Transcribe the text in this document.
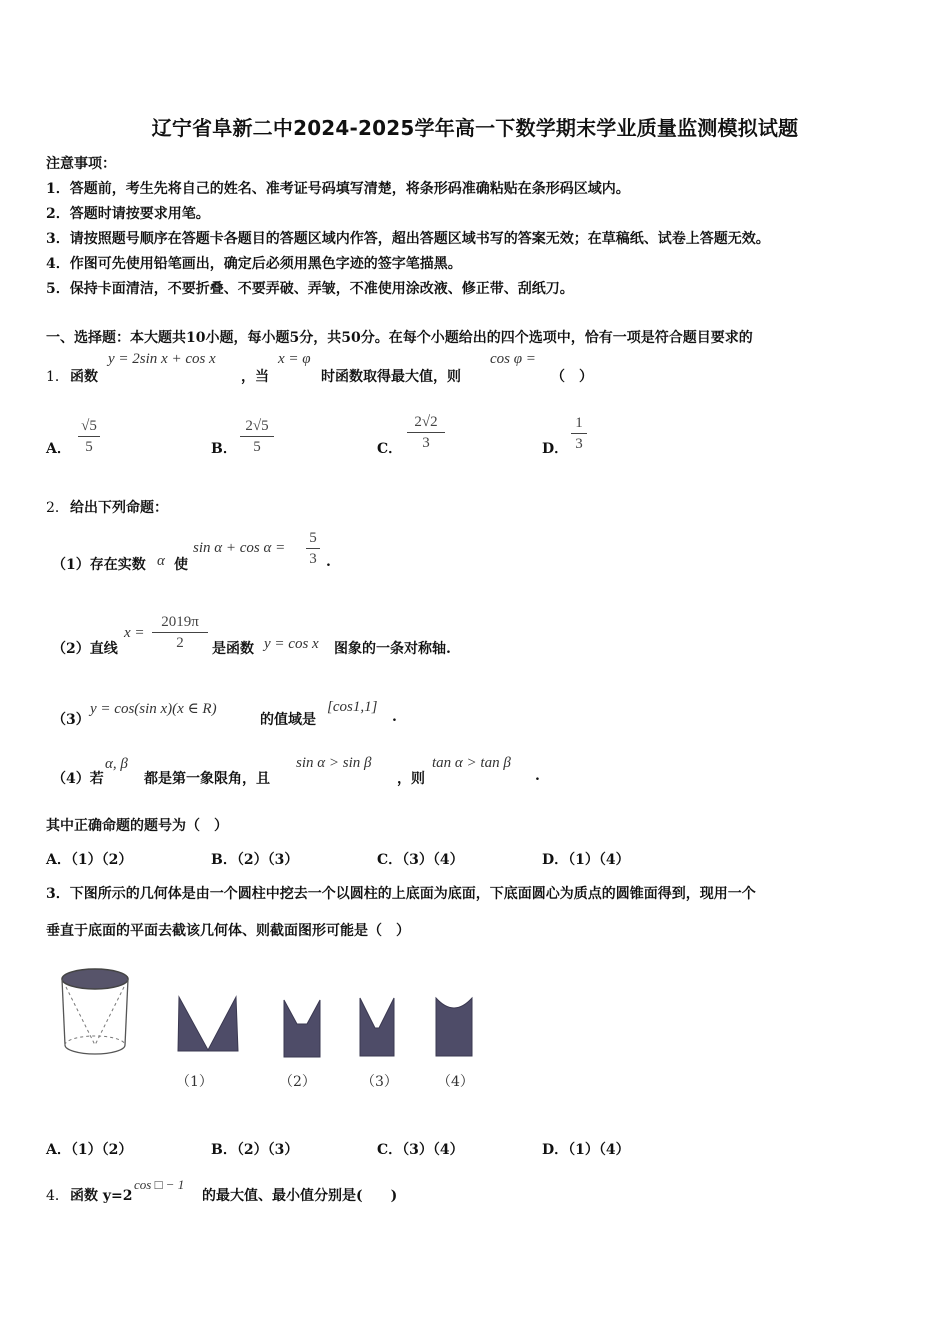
辽宁省阜新二中2024-2025学年高一下数学期末学业质量监测模拟试题
注意事项：
1．答题前，考生先将自己的姓名、准考证号码填写清楚，将条形码准确粘贴在条形码区域内。
2．答题时请按要求用笔。
3．请按照题号顺序在答题卡各题目的答题区域内作答，超出答题区域书写的答案无效；在草稿纸、试卷上答题无效。
4．作图可先使用铅笔画出，确定后必须用黑色字迹的签字笔描黑。
5．保持卡面清洁，不要折叠、不要弄破、弄皱，不准使用涂改液、修正带、刮纸刀。
一、选择题：本大题共10小题，每小题5分，共50分。在每个小题给出的四个选项中，恰有一项是符合题目要求的
1． 函数
y = 2sin x + cos x
，当
x = φ
时函数取得最大值，则
cos φ =
（　）
A．
√5
5	B．
2√5
5	C．
2√2
3	D．
1
3
2． 给出下列命题：
（1）存在实数 α 使
sin α + cos α =
5
3 .
（2）直线
x =
2019π
2	是函数 y = cos x 图象的一条对称轴.
（3）
y = cos(sin x)(x ∈ R)
的值域是
[cos1,1]
.
（4）若
α, β
都是第一象限角，且
sin α > sin β
，则
tan α > tan β
.
其中正确命题的题号为（　）
A．（1）（2）	B．（2）（3）	C．（3）（4）	D．（1）（4）
3．下图所示的几何体是由一个圆柱中挖去一个以圆柱的上底面为底面，下底面圆心为质点的圆锥面得到，现用一个
垂直于底面的平面去截该几何体、则截面图形可能是（　）
（1）	（2）	（3）	（4）
A．（1）（2）	B．（2）（3）	C．（3）（4）	D．（1）（4）
4． 函数 y=2
cos □ − 1
的最大值、最小值分别是(　　)
